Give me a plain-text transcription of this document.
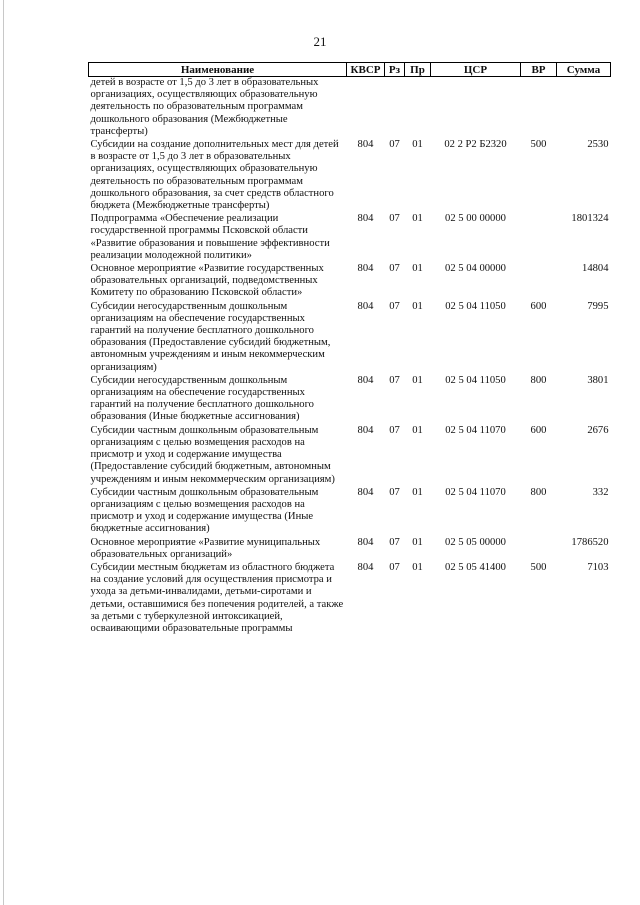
21
Наименование	КВСР	Рз	Пр	ЦСР	ВР	Сумма
детей в возрасте от 1,5 до 3 лет в образовательных организациях, осуществляющих образовательную деятельность по образовательным программам дошкольного образования (Межбюджетные трансферты)						
Субсидии на создание дополнительных мест для детей в возрасте от 1,5 до 3 лет в образовательных организациях, осуществляющих образовательную деятельность по образовательным программам дошкольного образования, за счет средств областного бюджета (Межбюджетные трансферты)	804	07	01	02 2 Р2 Б2320	500	2530
Подпрограмма «Обеспечение реализации государственной программы Псковской области «Развитие образования и повышение эффективности реализации молодежной политики»	804	07	01	02 5 00 00000		1801324
Основное мероприятие «Развитие государственных образовательных организаций, подведомственных Комитету по образованию Псковской области»	804	07	01	02 5 04 00000		14804
Субсидии негосударственным дошкольным организациям на обеспечение государственных гарантий на получение бесплатного дошкольного образования (Предоставление субсидий бюджетным, автономным учреждениям и иным некоммерческим организациям)	804	07	01	02 5 04 11050	600	7995
Субсидии негосударственным дошкольным организациям на обеспечение государственных гарантий на получение бесплатного дошкольного образования (Иные бюджетные ассигнования)	804	07	01	02 5 04 11050	800	3801
Субсидии частным дошкольным образовательным организациям с целью возмещения расходов на присмотр и уход и содержание имущества (Предоставление субсидий бюджетным, автономным учреждениям и иным некоммерческим организациям)	804	07	01	02 5 04 11070	600	2676
Субсидии частным дошкольным образовательным организациям с целью возмещения расходов на присмотр и уход и содержание имущества (Иные бюджетные ассигнования)	804	07	01	02 5 04 11070	800	332
Основное мероприятие «Развитие муниципальных образовательных организаций»	804	07	01	02 5 05 00000		1786520
Субсидии местным бюджетам из областного бюджета на создание условий для осуществления присмотра и ухода за детьми-инвалидами, детьми-сиротами и детьми, оставшимися без попечения родителей, а также за детьми с туберкулезной интоксикацией, осваивающими образовательные программы	804	07	01	02 5 05 41400	500	7103
